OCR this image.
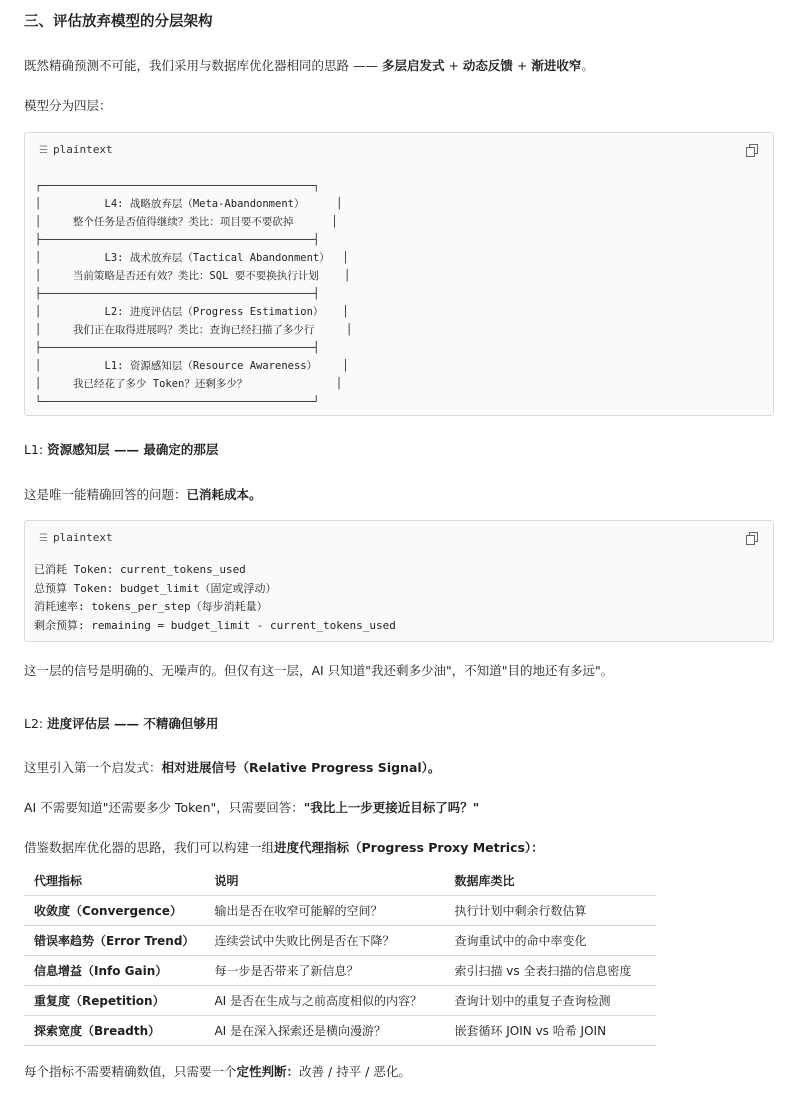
三、评估放弃模型的分层架构
既然精确预测不可能，我们采用与数据库优化器相同的思路 —— 多层启发式 + 动态反馈 + 渐进收窄。
模型分为四层：
☰ plaintext
┌───────────────────────────────────────────┐
│          L4: 战略放弃层（Meta-Abandonment）     │
│     整个任务是否值得继续？类比：项目要不要砍掉      │
├───────────────────────────────────────────┤
│          L3: 战术放弃层（Tactical Abandonment）  │
│     当前策略是否还有效？类比：SQL 要不要换执行计划    │
├───────────────────────────────────────────┤
│          L2: 进度评估层（Progress Estimation）   │
│     我们正在取得进展吗？类比：查询已经扫描了多少行     │
├───────────────────────────────────────────┤
│          L1: 资源感知层（Resource Awareness）    │
│     我已经花了多少 Token？还剩多少？              │
└───────────────────────────────────────────┘
L1: 资源感知层 —— 最确定的那层
这是唯一能精确回答的问题：已消耗成本。
☰ plaintext
已消耗 Token: current_tokens_used
总预算 Token: budget_limit（固定或浮动）
消耗速率: tokens_per_step（每步消耗量）
剩余预算: remaining = budget_limit - current_tokens_used
这一层的信号是明确的、无噪声的。但仅有这一层，AI 只知道"我还剩多少油"，不知道"目的地还有多远"。
L2: 进度评估层 —— 不精确但够用
这里引入第一个启发式：相对进展信号（Relative Progress Signal）。
AI 不需要知道"还需要多少 Token"，只需要回答："我比上一步更接近目标了吗？"
借鉴数据库优化器的思路，我们可以构建一组进度代理指标（Progress Proxy Metrics）：
代理指标	说明	数据库类比
收敛度（Convergence）	输出是否在收窄可能解的空间？	执行计划中剩余行数估算
错误率趋势（Error Trend）	连续尝试中失败比例是否在下降？	查询重试中的命中率变化
信息增益（Info Gain）	每一步是否带来了新信息？	索引扫描 vs 全表扫描的信息密度
重复度（Repetition）	AI 是否在生成与之前高度相似的内容？	查询计划中的重复子查询检测
探索宽度（Breadth）	AI 是在深入探索还是横向漫游？	嵌套循环 JOIN vs 哈希 JOIN
每个指标不需要精确数值，只需要一个定性判断：改善 / 持平 / 恶化。
